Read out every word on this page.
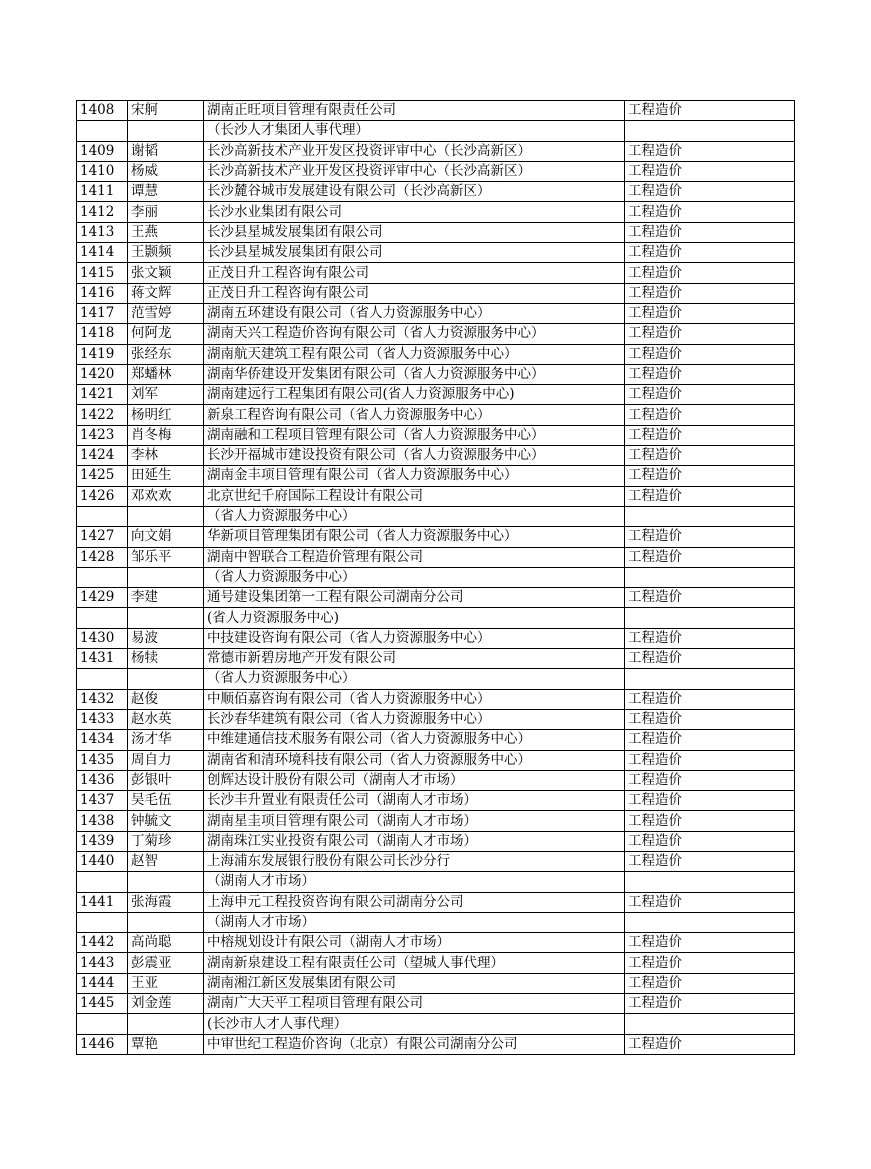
1408	宋舸	湖南正旺项目管理有限责任公司	工程造价
		（长沙人才集团人事代理）	
1409	谢韬	长沙高新技术产业开发区投资评审中心（长沙高新区）	工程造价
1410	杨威	长沙高新技术产业开发区投资评审中心（长沙高新区）	工程造价
1411	谭慧	长沙麓谷城市发展建设有限公司（长沙高新区）	工程造价
1412	李丽	长沙水业集团有限公司	工程造价
1413	王燕	长沙县星城发展集团有限公司	工程造价
1414	王颢频	长沙县星城发展集团有限公司	工程造价
1415	张文颖	正茂日升工程咨询有限公司	工程造价
1416	蒋文辉	正茂日升工程咨询有限公司	工程造价
1417	范雪婷	湖南五环建设有限公司（省人力资源服务中心）	工程造价
1418	何阿龙	湖南天兴工程造价咨询有限公司（省人力资源服务中心）	工程造价
1419	张经东	湖南航天建筑工程有限公司（省人力资源服务中心）	工程造价
1420	郑蟠林	湖南华侨建设开发集团有限公司（省人力资源服务中心）	工程造价
1421	刘军	湖南建远行工程集团有限公司(省人力资源服务中心)	工程造价
1422	杨明红	新泉工程咨询有限公司（省人力资源服务中心）	工程造价
1423	肖冬梅	湖南融和工程项目管理有限公司（省人力资源服务中心）	工程造价
1424	李林	长沙开福城市建设投资有限公司（省人力资源服务中心）	工程造价
1425	田延生	湖南金丰项目管理有限公司（省人力资源服务中心）	工程造价
1426	邓欢欢	北京世纪千府国际工程设计有限公司	工程造价
		（省人力资源服务中心）	
1427	向文娟	华新项目管理集团有限公司（省人力资源服务中心）	工程造价
1428	邹乐平	湖南中智联合工程造价管理有限公司	工程造价
		（省人力资源服务中心）	
1429	李建	通号建设集团第一工程有限公司湖南分公司	工程造价
		(省人力资源服务中心)	
1430	易波	中技建设咨询有限公司（省人力资源服务中心）	工程造价
1431	杨犊	常德市新碧房地产开发有限公司	工程造价
		（省人力资源服务中心）	
1432	赵俊	中顺佰嘉咨询有限公司（省人力资源服务中心）	工程造价
1433	赵水英	长沙春华建筑有限公司（省人力资源服务中心）	工程造价
1434	汤才华	中维建通信技术服务有限公司（省人力资源服务中心）	工程造价
1435	周自力	湖南省和清环境科技有限公司（省人力资源服务中心）	工程造价
1436	彭银叶	创辉达设计股份有限公司（湖南人才市场）	工程造价
1437	吴毛伍	长沙丰升置业有限责任公司（湖南人才市场）	工程造价
1438	钟毓文	湖南星圭项目管理有限公司（湖南人才市场）	工程造价
1439	丁菊珍	湖南珠江实业投资有限公司（湖南人才市场）	工程造价
1440	赵智	上海浦东发展银行股份有限公司长沙分行	工程造价
		（湖南人才市场）	
1441	张海霞	上海申元工程投资咨询有限公司湖南分公司	工程造价
		（湖南人才市场）	
1442	高尚聪	中榕规划设计有限公司（湖南人才市场）	工程造价
1443	彭震亚	湖南新泉建设工程有限责任公司（望城人事代理）	工程造价
1444	王亚	湖南湘江新区发展集团有限公司	工程造价
1445	刘金莲	湖南广大天平工程项目管理有限公司	工程造价
		(长沙市人才人事代理）	
1446	覃艳	中审世纪工程造价咨询（北京）有限公司湖南分公司	工程造价
